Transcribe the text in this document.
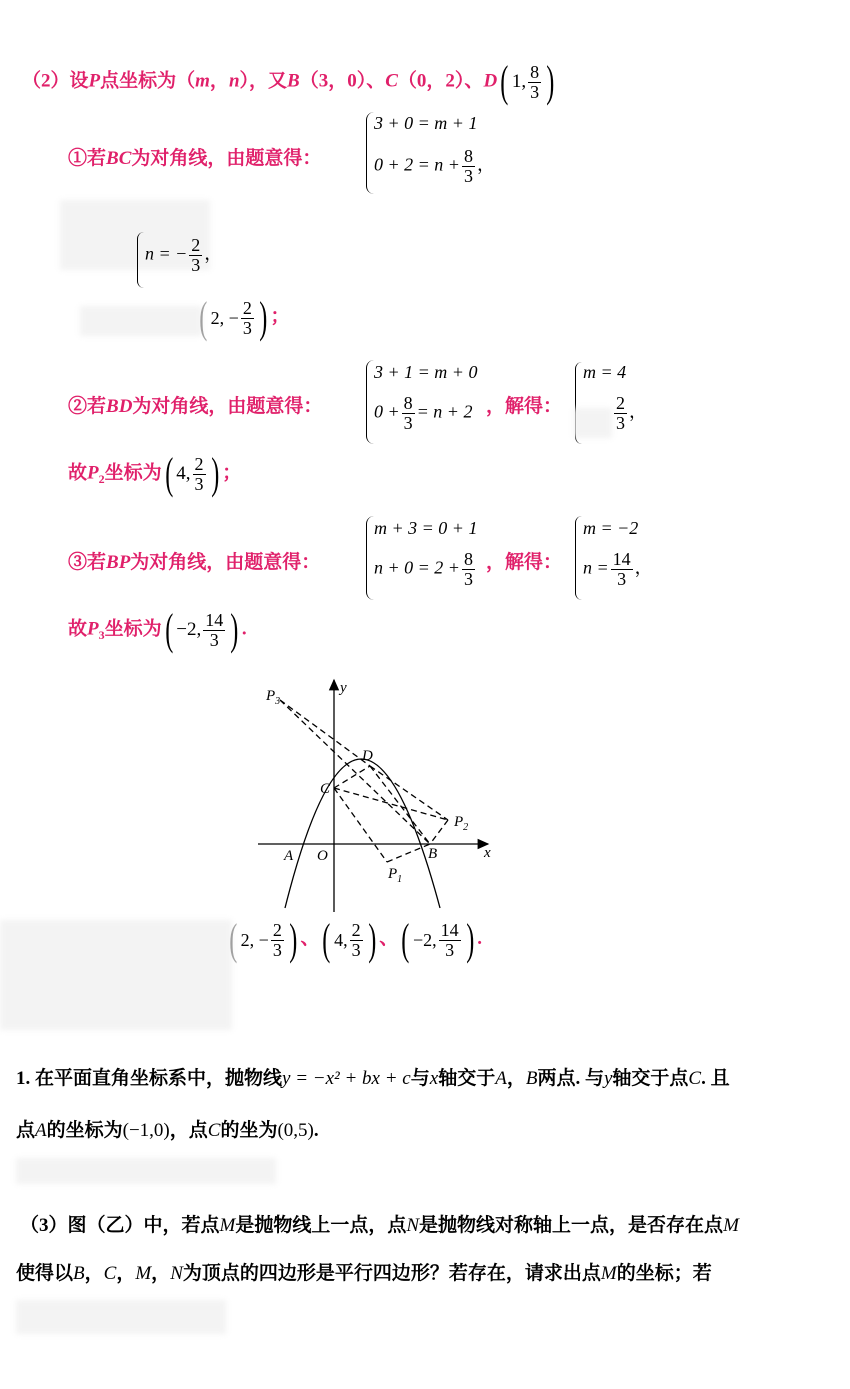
（2）设P点坐标为（m，n），又B（3，0）、C（0，2）、D ( 1, $\frac{8}{3}$ )
①若BC为对角线，由题意得：
3 + 0 = m + 1
$0 + 2 = n + \frac{8}{3}$ ，
n = − $\frac{2}{3}$ ，
( 2, − $\frac{2}{3}$ ) ；
②若BD为对角线，由题意得：
3 + 1 = m + 0
$0 + \frac{8}{3} = n + 2$ ，解得：
m = 4
$\frac{2}{3}$ ，
故$P_2$坐标为 ( 4, $\frac{2}{3}$ ) ；
③若BP为对角线，由题意得：
m + 3 = 0 + 1
$n + 0 = 2 + \frac{8}{3}$ ，解得：
m = −2
$n = \frac{14}{3}$ ，
故$P_3$坐标为 ( −2, $\frac{14}{3}$ ) .
y
x
O
A	B
C
D
$P_1$
$P_2$
$P_3$
( 2, − $\frac{2}{3}$ ) 、 ( 4, $\frac{2}{3}$ ) 、 ( −2, $\frac{14}{3}$ ) .
1. 在平面直角坐标系中，抛物线y = −x² + bx + c与x轴交于A，B两点. 与y轴交于点C. 且
点A的坐标为(−1,0)，点C的坐为(0,5).
（3）图（乙）中，若点M是抛物线上一点，点N是抛物线对称轴上一点，是否存在点M
使得以B，C，M，N为顶点的四边形是平行四边形？若存在，请求出点M的坐标；若
